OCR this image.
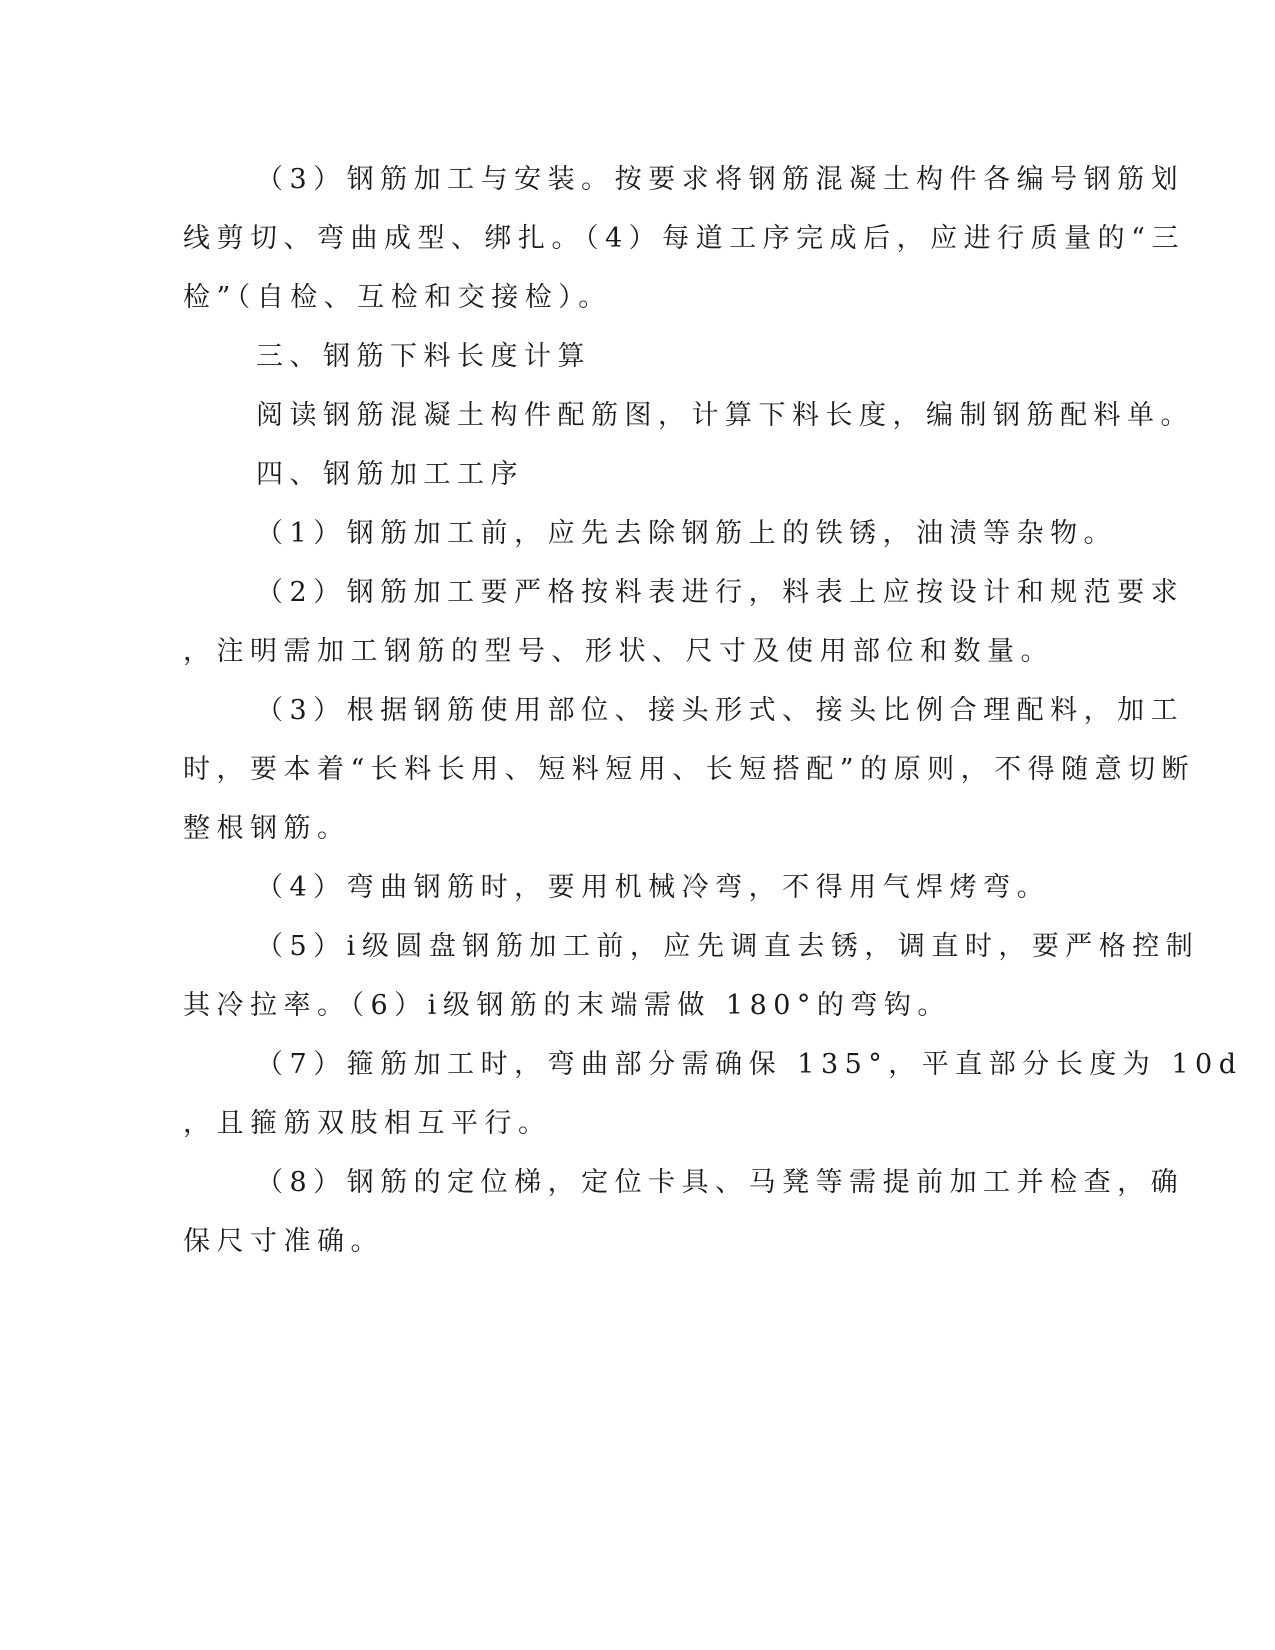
（3）钢筋加工与安装。按要求将钢筋混凝土构件各编号钢筋划

线剪切、弯曲成型、绑扎。（4）每道工序完成后，应进行质量的“三

检”（自检、互检和交接检）。

三、钢筋下料长度计算

阅读钢筋混凝土构件配筋图，计算下料长度，编制钢筋配料单。

四、钢筋加工工序

（1）钢筋加工前，应先去除钢筋上的铁锈，油渍等杂物。

（2）钢筋加工要严格按料表进行，料表上应按设计和规范要求

，注明需加工钢筋的型号、形状、尺寸及使用部位和数量。

（3）根据钢筋使用部位、接头形式、接头比例合理配料，加工

时，要本着“长料长用、短料短用、长短搭配”的原则，不得随意切断

整根钢筋。

（4）弯曲钢筋时，要用机械冷弯，不得用气焊烤弯。

（5）i级圆盘钢筋加工前，应先调直去锈，调直时，要严格控制

其冷拉率。（6）i级钢筋的末端需做 180°的弯钩。

（7）箍筋加工时，弯曲部分需确保 135°，平直部分长度为 10d

，且箍筋双肢相互平行。

（8）钢筋的定位梯，定位卡具、马凳等需提前加工并检查，确

保尺寸准确。
